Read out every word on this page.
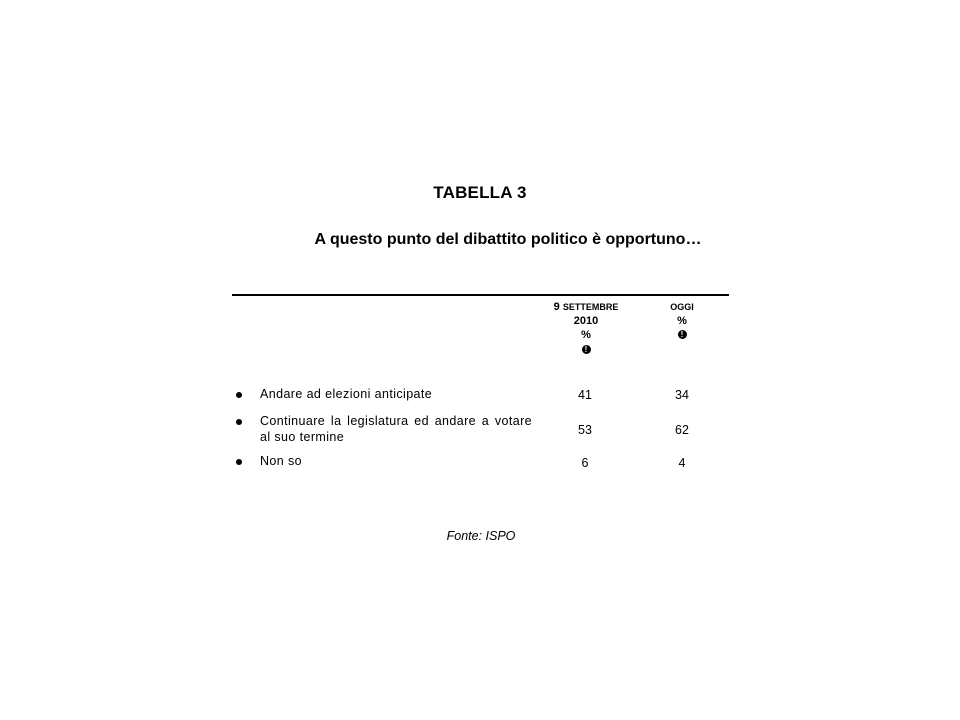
TABELLA 3
A questo punto del dibattito politico è opportuno…
9 SETTEMBRE
2010
%
!
OGGI
%
!
Andare ad elezioni anticipate	41	34
Continuare la legislatura ed andare a votare al suo termine	53	62
Non so	6	4
Fonte: ISPO
